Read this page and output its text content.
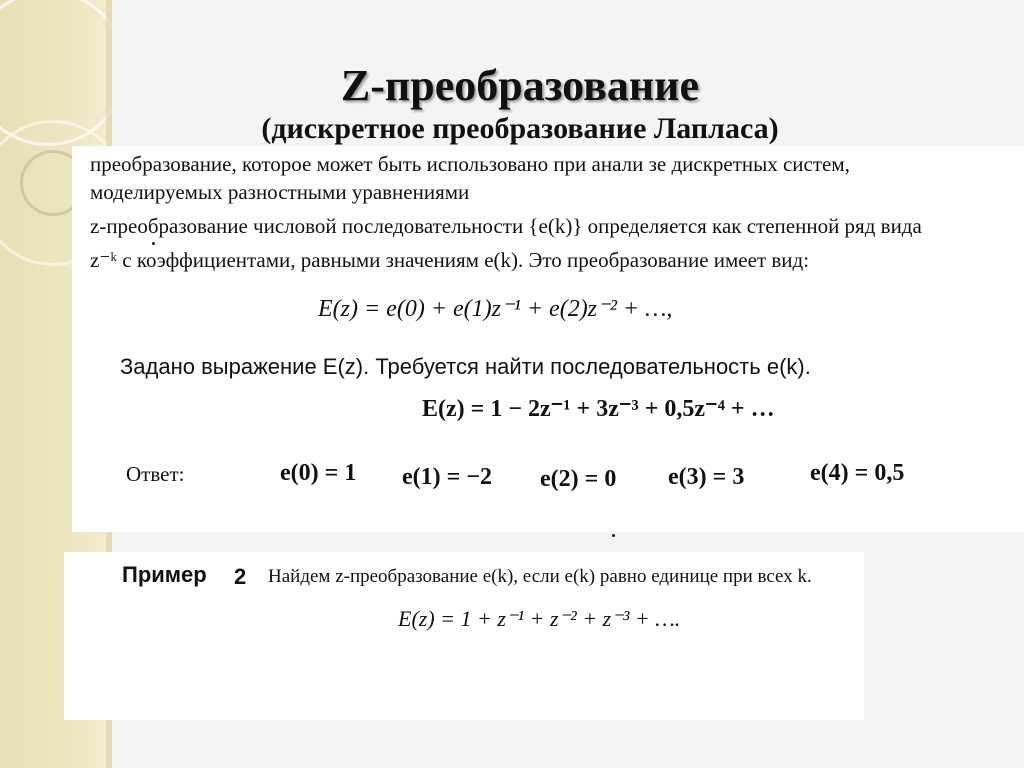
Z-преобразование
(дискретное преобразование Лапласа)
преобразование, которое может быть использовано при анали зе дискретных систем,
моделируемых разностными уравнениями
z-преобразование числовой последовательности {e(k)} определяется как степенной ряд вида
z⁻ᵏ с коэффициентами, равными значениям e(k). Это преобразование имеет вид:
E(z) = e(0) + e(1)z⁻¹ + e(2)z⁻² + …,
Задано выражение E(z). Требуется найти последовательность e(k).
E(z) = 1 − 2z⁻¹ + 3z⁻³ + 0,5z⁻⁴ + …
Ответ:	e(0) = 1 e(1) = −2 e(2) = 0 e(3) = 3	e(4) = 0,5
Пример 2 Найдем z-преобразование e(k), если e(k) равно единице при всех k.
E(z) = 1 + z⁻¹ + z⁻² + z⁻³ + ….
